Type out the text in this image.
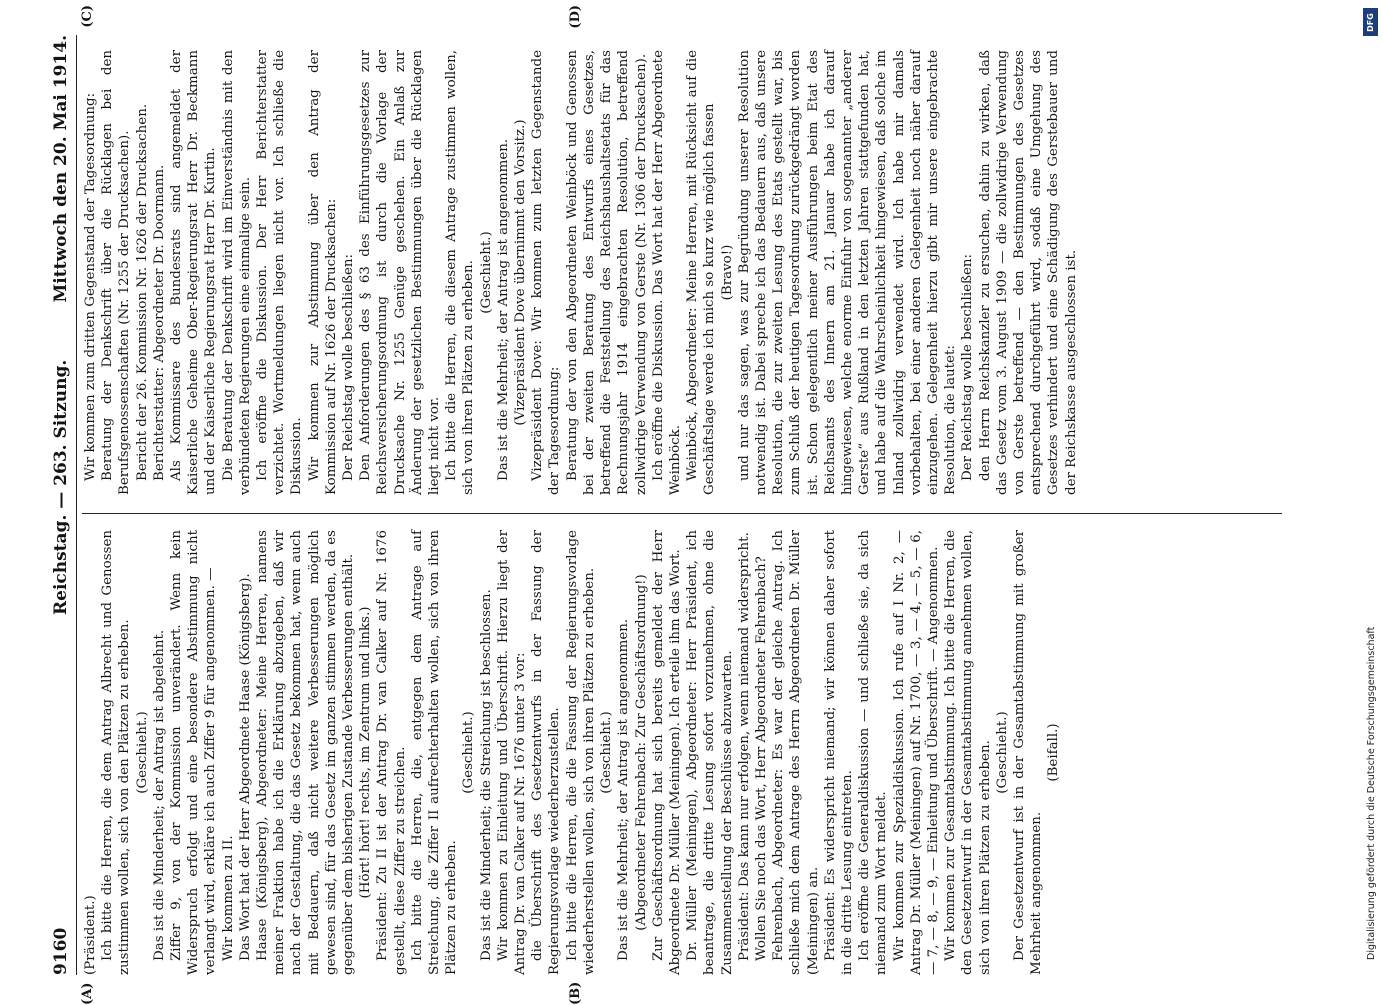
9160
Reichstag. — 263. Sitzung.
Mittwoch den 20. Mai 1914.
(A)	(B)
(C)	(D)

(Präsident.) Ich bitte die Herren, die dem Antrag Albrecht und Genossen zustimmen wollen, sich von den Plätzen zu erheben. (Geschieht.) Das ist die Minderheit; der Antrag ist abgelehnt. Ziffer 9, von der Kommission unverändert. Wenn kein Widerspruch erfolgt und eine besondere Abstimmung nicht verlangt wird, erkläre ich auch Ziffer 9 für angenommen. — Wir kommen zu II. Das Wort hat der Herr Abgeordnete Haase (Königsberg). Haase (Königsberg), Abgeordneter: Meine Herren, namens meiner Fraktion habe ich die Erklärung abzugeben, daß wir nach der Gestaltung, die das Gesetz bekommen hat, wenn auch mit Bedauern, daß nicht weitere Verbesserungen möglich gewesen sind, für das Gesetz im ganzen stimmen werden, da es gegenüber dem bisherigen Zustande Verbesserungen enthält. (Hört! hört! rechts, im Zentrum und links.) Präsident: Zu II ist der Antrag Dr. van Calker auf Nr. 1676 gestellt, diese Ziffer zu streichen. Ich bitte die Herren, die, entgegen dem Antrage auf Streichung, die Ziffer II aufrechterhalten wollen, sich von ihren Plätzen zu erheben.

(Geschieht.) Das ist die Minderheit; die Streichung ist beschlossen. Wir kommen zu Einleitung und Überschrift. Hierzu liegt der Antrag Dr. van Calker auf Nr. 1676 unter 3 vor: die Überschrift des Gesetzentwurfs in der Fassung der Regierungsvorlage wiederherzustellen. Ich bitte die Herren, die die Fassung der Regierungsvorlage wiederherstellen wollen, sich von ihren Plätzen zu erheben. (Geschieht.) Das ist die Mehrheit; der Antrag ist angenommen. (Abgeordneter Fehrenbach: Zur Geschäftsordnung!) Zur Geschäftsordnung hat sich bereits gemeldet der Herr Abgeordnete Dr. Müller (Meiningen). Ich erteile ihm das Wort. Dr. Müller (Meiningen), Abgeordneter: Herr Präsident, ich beantrage, die dritte Lesung sofort vorzunehmen, ohne die Zusammenstellung der Beschlüsse abzuwarten. Präsident: Das kann nur erfolgen, wenn niemand widerspricht. Wollen Sie noch das Wort, Herr Abgeordneter Fehrenbach? Fehrenbach, Abgeordneter: Es war der gleiche Antrag. Ich schließe mich dem Antrage des Herrn Abgeordneten Dr. Müller (Meiningen) an. Präsident: Es widerspricht niemand; wir können daher sofort in die dritte Lesung eintreten. Ich eröffne die Generaldiskussion — und schließe sie, da sich niemand zum Wort meldet. Wir kommen zur Spezialdiskussion. Ich rufe auf I Nr. 2, — Antrag Dr. Müller (Meiningen) auf Nr. 1700, — 3, — 4, — 5, — 6, — 7, — 8, — 9, — Einleitung und Überschrift. — Angenommen. Wir kommen zur Gesamtabstimmung. Ich bitte die Herren, die den Gesetzentwurf in der Gesamtabstimmung annehmen wollen, sich von ihren Plätzen zu erheben. (Geschieht.) Der Gesetzentwurf ist in der Gesamtabstimmung mit großer Mehrheit angenommen.

(Beifall.)

Wir kommen zum dritten Gegenstand der Tagesordnung: Beratung der Denkschrift über die Rücklagen bei den Berufsgenossenschaften (Nr. 1255 der Drucksachen). Bericht der 26. Kommission Nr. 1626 der Drucksachen. Berichterstatter: Abgeordneter Dr. Doormann. Als Kommissare des Bundesrats sind angemeldet der Kaiserliche Geheime Ober-Regierungsrat Herr Dr. Beckmann und der Kaiserliche Regierungsrat Herr Dr. Kurtin. Die Beratung der Denkschrift wird im Einverständnis mit den verbündeten Regierungen eine einmalige sein. Ich eröffne die Diskussion. Der Herr Berichterstatter verzichtet. Wortmeldungen liegen nicht vor. Ich schließe die Diskussion. Wir kommen zur Abstimmung über den Antrag der Kommission auf Nr. 1626 der Drucksachen: Der Reichstag wolle beschließen: Den Anforderungen des § 63 des Einführungsgesetzes zur Reichsversicherungsordnung ist durch die Vorlage der Drucksache Nr. 1255 Genüge geschehen. Ein Anlaß zur Änderung der gesetzlichen Bestimmungen über die Rücklagen liegt nicht vor. Ich bitte die Herren, die diesem Antrage zustimmen wollen, sich von ihren Plätzen zu erheben. (Geschieht.) Das ist die Mehrheit; der Antrag ist angenommen. (Vizepräsident Dove übernimmt den Vorsitz.) Vizepräsident Dove: Wir kommen zum letzten Gegenstande der Tagesordnung: Beratung der von den Abgeordneten Weinböck und Genossen bei der zweiten Beratung des Entwurfs eines Gesetzes, betreffend die Feststellung des Reichshaushaltsetats für das Rechnungsjahr 1914 eingebrachten Resolution, betreffend zollwidrige Verwendung von Gerste (Nr. 1306 der Drucksachen). Ich eröffne die Diskussion. Das Wort hat der Herr Abgeordnete Weinböck. Weinböck, Abgeordneter: Meine Herren, mit Rücksicht auf die Geschäftslage werde ich mich so kurz wie möglich fassen (Bravo!) und nur das sagen, was zur Begründung unserer Resolution notwendig ist. Dabei spreche ich das Bedauern aus, daß unsere Resolution, die zur zweiten Lesung des Etats gestellt war, bis zum Schluß der heutigen Tagesordnung zurückgedrängt worden ist. Schon gelegentlich meiner Ausführungen beim Etat des Reichsamts des Innern am 21. Januar habe ich darauf hingewiesen, welche enorme Einfuhr von sogenannter „anderer Gerste“ aus Rußland in den letzten Jahren stattgefunden hat, und habe auf die Wahrscheinlichkeit hingewiesen, daß solche im Inland zollwidrig verwendet wird. Ich habe mir damals vorbehalten, bei einer anderen Gelegenheit noch näher darauf einzugehen. Gelegenheit hierzu gibt mir unsere eingebrachte Resolution, die lautet: Der Reichstag wolle beschließen: den Herrn Reichskanzler zu ersuchen, dahin zu wirken, daß das Gesetz vom 3. August 1909 — die zollwidrige Verwendung von Gerste betreffend — den Bestimmungen des Gesetzes entsprechend durchgeführt wird, sodaß eine Umgehung des Gesetzes verhindert und eine Schädigung des Gerstebauer und der Reichskasse ausgeschlossen ist.

Digitalisierung gefördert durch die Deutsche Forschungsgemeinschaft
DFG
